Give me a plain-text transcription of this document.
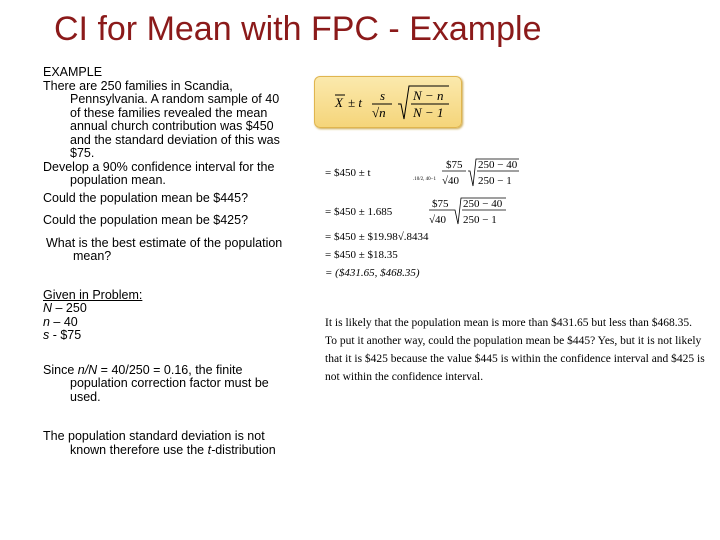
CI for Mean with FPC - Example

EXAMPLE

There are 250 families in Scandia, Pennsylvania. A random sample of 40 of these families revealed the mean annual church contribution was $450 and the standard deviation of this was $75.

Develop a 90% confidence interval for the population mean.

Could the population mean be $445?

Could the population mean be $425?

What is the best estimate of the population mean?

Given in Problem:

N – 250

n – 40

s - $75

Since n/N = 40/250 = 0.16, the finite population correction factor must be used.

The population standard deviation is not known therefore use the t-distribution

X ± t s
√n
N − n
N − 1
= $450 ± t
.10/2, 40−1
$75
√40
250 − 40
250 − 1
= $450 ± 1.685
$75
√40
250 − 40
250 − 1
= $450 ± $19.98√.8434
= $450 ± $18.35
= ($431.65, $468.35)

It is likely that the population mean is more than $431.65 but less than $468.35. To put it another way, could the population mean be $445? Yes, but it is not likely that it is $425 because the value $445 is within the confidence interval and $425 is not within the confidence interval.
